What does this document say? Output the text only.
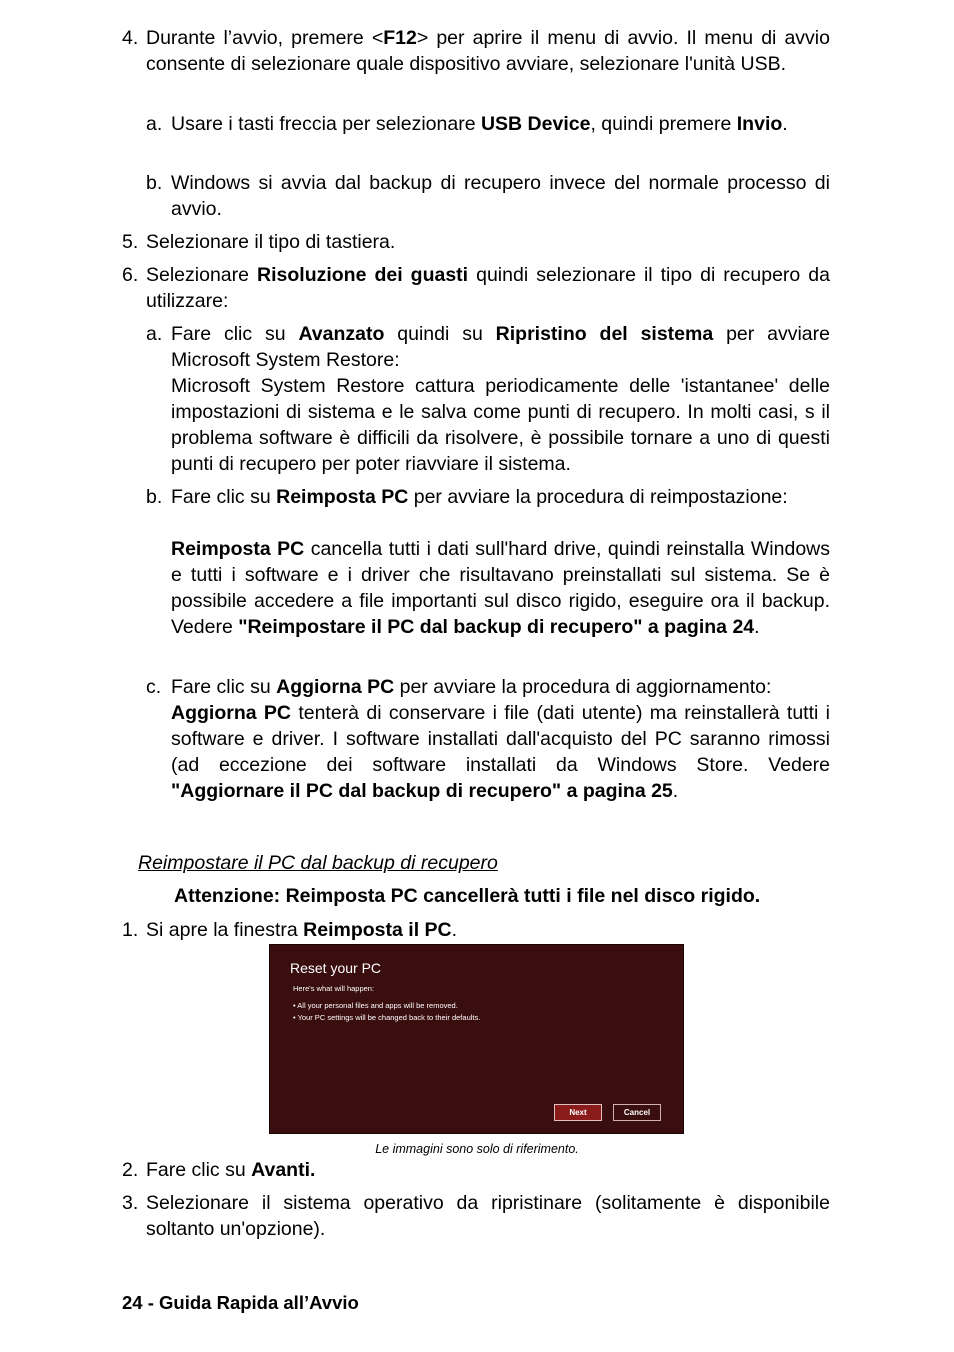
4. Durante l’avvio, premere <F12> per aprire il menu di avvio. Il menu di avvio consente di selezionare quale dispositivo avviare, selezionare l'unità USB.
a. Usare i tasti freccia per selezionare USB Device, quindi premere Invio.
b. Windows si avvia dal backup di recupero invece del normale processo di avvio.
5. Selezionare il tipo di tastiera.
6. Selezionare Risoluzione dei guasti quindi selezionare il tipo di recupero da utilizzare:
a. Fare clic su Avanzato quindi su Ripristino del sistema per avviare Microsoft System Restore:
Microsoft System Restore cattura periodicamente delle 'istantanee' delle impostazioni di sistema e le salva come punti di recupero. In molti casi, s il problema software è difficili da risolvere, è possibile tornare a uno di questi punti di recupero per poter riavviare il sistema.
b. Fare clic su Reimposta PC per avviare la procedura di reimpostazione:
Reimposta PC cancella tutti i dati sull'hard drive, quindi reinstalla Windows e tutti i software e i driver che risultavano preinstallati sul sistema. Se è possibile accedere a file importanti sul disco rigido, eseguire ora il backup. Vedere "Reimpostare il PC dal backup di recupero" a pagina 24.
c. Fare clic su Aggiorna PC per avviare la procedura di aggiornamento:
Aggiorna PC tenterà di conservare i file (dati utente) ma reinstallerà tutti i software e driver. I software installati dall'acquisto del PC saranno rimossi (ad eccezione dei software installati da Windows Store. Vedere "Aggiornare il PC dal backup di recupero" a pagina 25.
Reimpostare il PC dal backup di recupero
Attenzione: Reimposta PC cancellerà tutti i file nel disco rigido.
1. Si apre la finestra Reimposta il PC.
Reset your PC
Here's what will happen:
• All your personal files and apps will be removed.
• Your PC settings will be changed back to their defaults.
Next	Cancel
Le immagini sono solo di riferimento.
2. Fare clic su Avanti.
3. Selezionare il sistema operativo da ripristinare (solitamente è disponibile soltanto un'opzione).
24 - Guida Rapida all’Avvio
